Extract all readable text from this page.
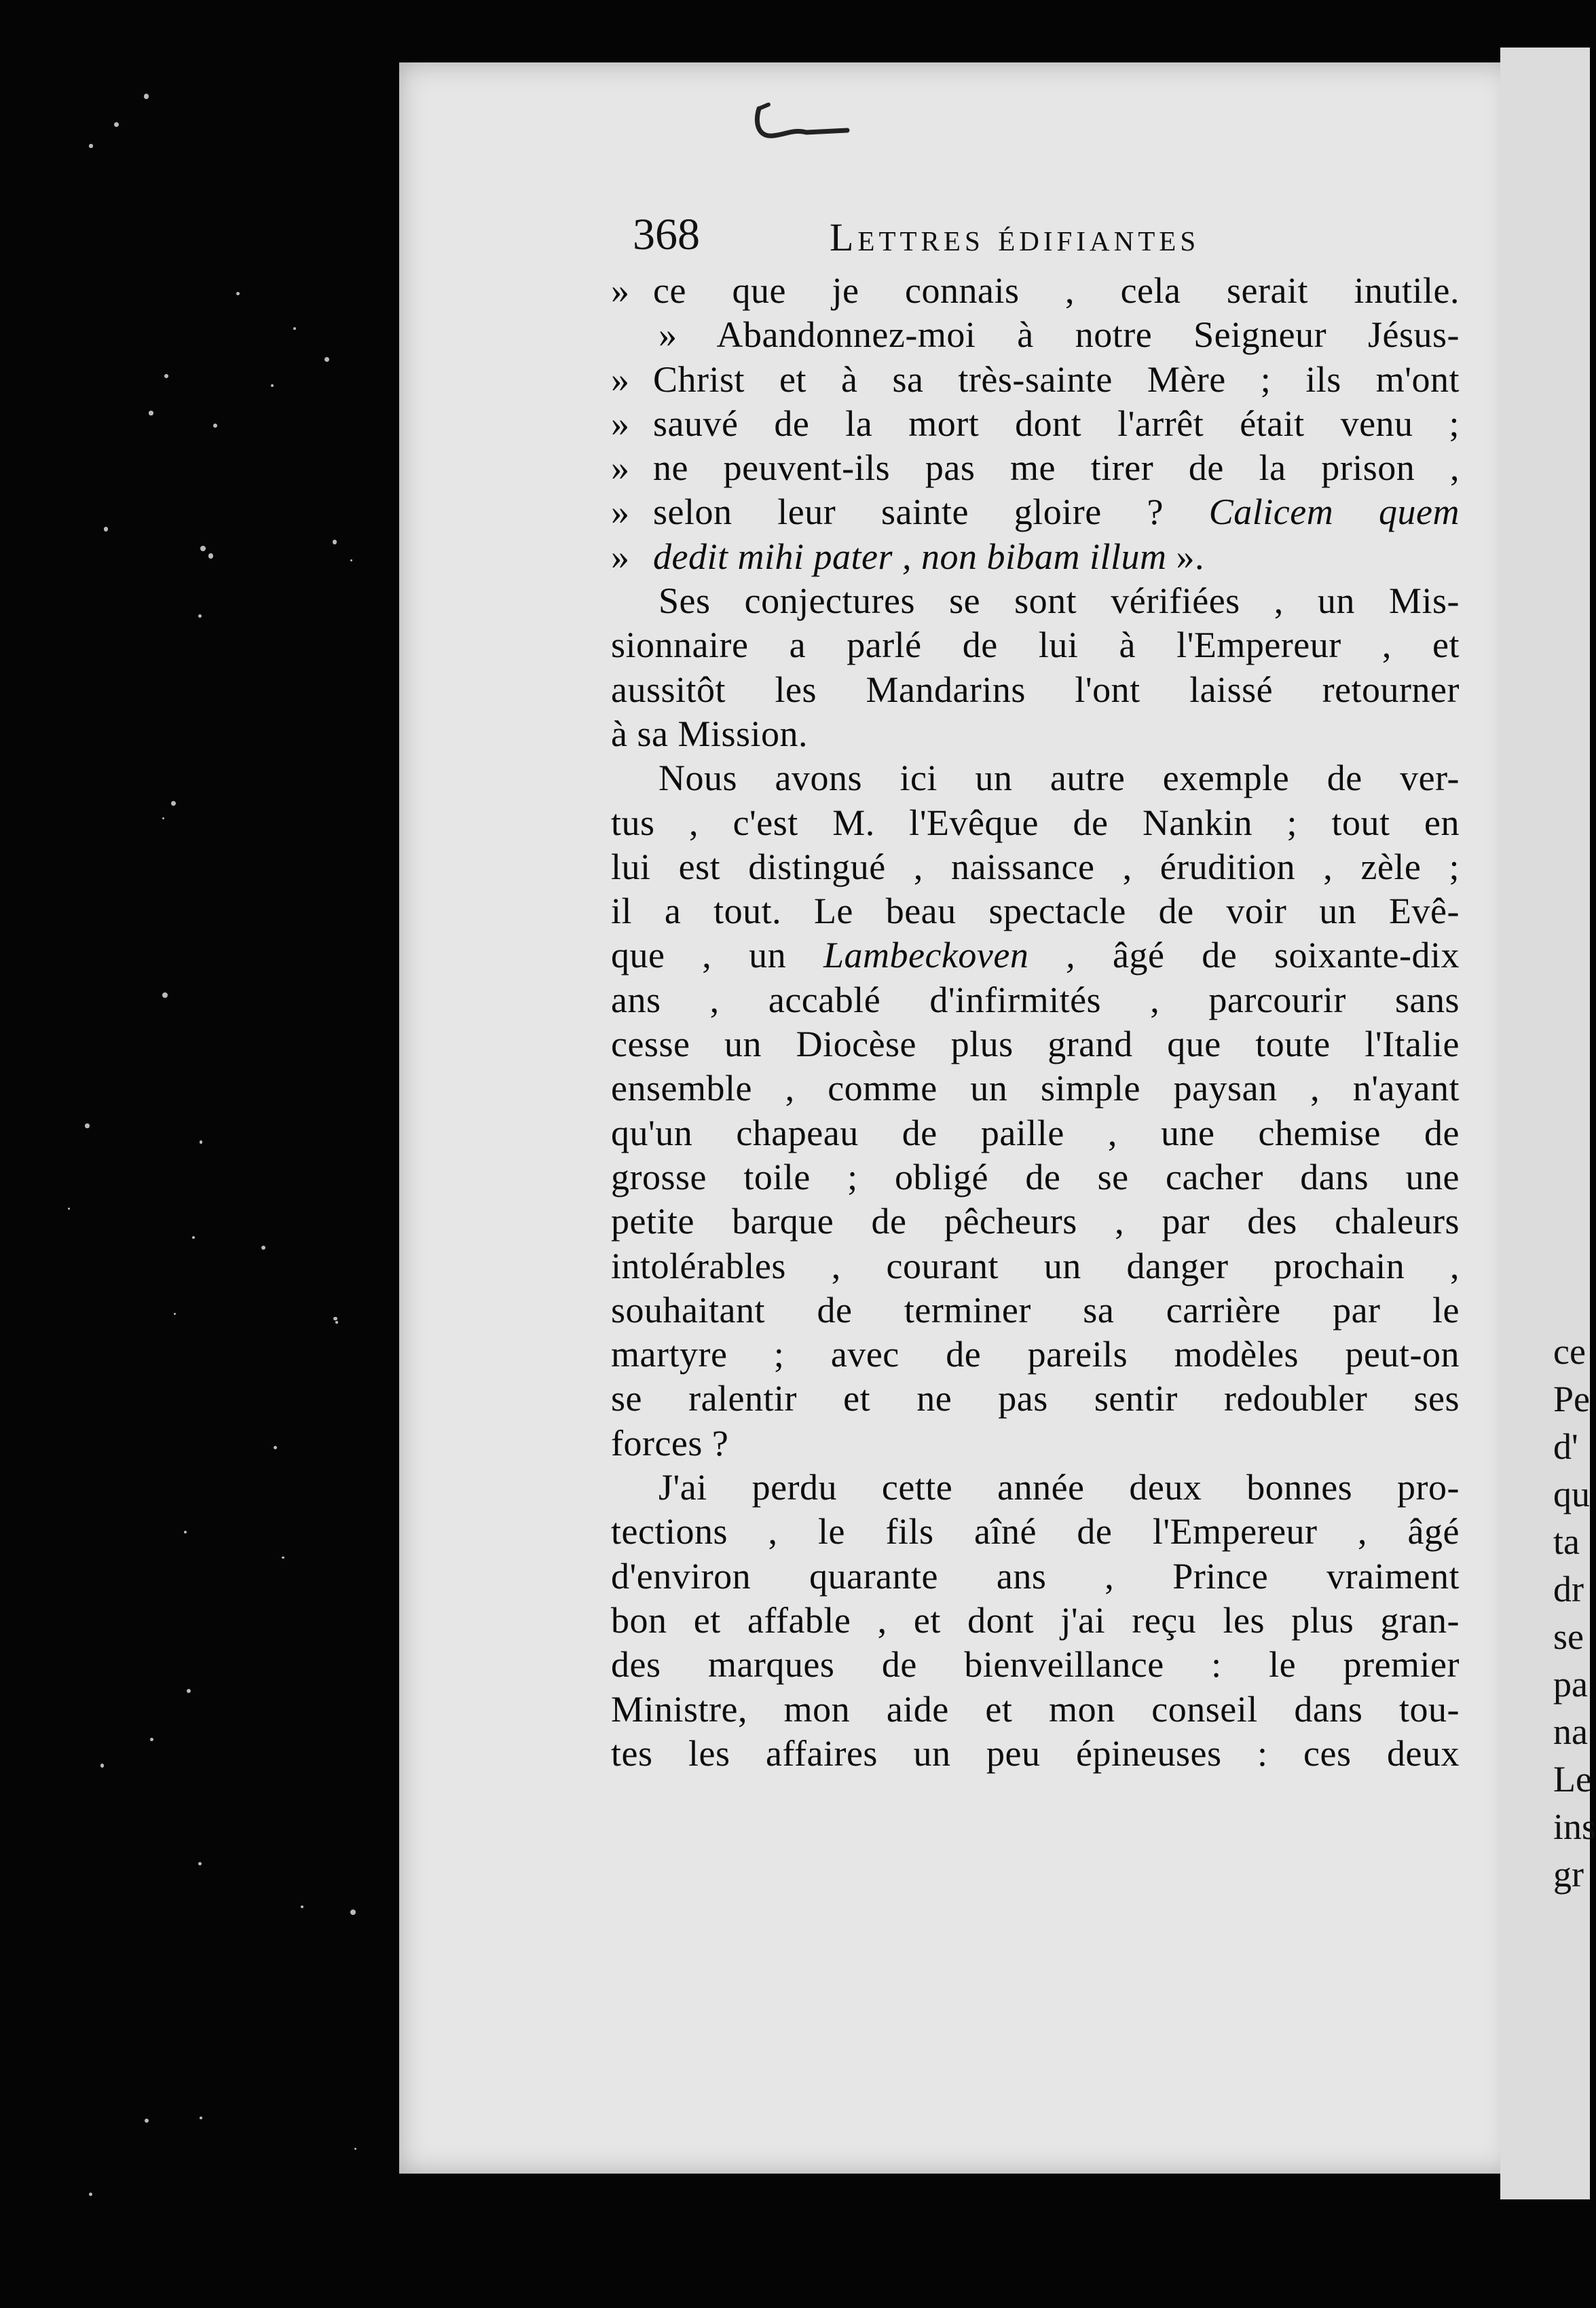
ce
Pe
d'
qu
ta
dr
se
pa
na
Le
ins
gr
368	Lettres édifiantes
» ce que je connais , cela serait inutile.
» Abandonnez-moi à notre Seigneur Jésus-
» Christ et à sa très-sainte Mère ; ils m'ont
» sauvé de la mort dont l'arrêt était venu ;
» ne peuvent-ils pas me tirer de la prison ,
» selon leur sainte gloire ? Calicem quem
» dedit mihi pater , non bibam illum ».
Ses conjectures se sont vérifiées , un Mis-
sionnaire a parlé de lui à l'Empereur , et
aussitôt les Mandarins l'ont laissé retourner
à sa Mission.
Nous avons ici un autre exemple de ver-
tus , c'est M. l'Evêque de Nankin ; tout en
lui est distingué , naissance , érudition , zèle ;
il a tout. Le beau spectacle de voir un Evê-
que , un Lambeckoven , âgé de soixante-dix
ans , accablé d'infirmités , parcourir sans
cesse un Diocèse plus grand que toute l'Italie
ensemble , comme un simple paysan , n'ayant
qu'un chapeau de paille , une chemise de
grosse toile ; obligé de se cacher dans une
petite barque de pêcheurs , par des chaleurs
intolérables , courant un danger prochain ,
souhaitant de terminer sa carrière par le
martyre ; avec de pareils modèles peut-on
se ralentir et ne pas sentir redoubler ses
forces ?
J'ai perdu cette année deux bonnes pro-
tections , le fils aîné de l'Empereur , âgé
d'environ quarante ans , Prince vraiment
bon et affable , et dont j'ai reçu les plus gran-
des marques de bienveillance : le premier
Ministre, mon aide et mon conseil dans tou-
tes les affaires un peu épineuses : ces deux
